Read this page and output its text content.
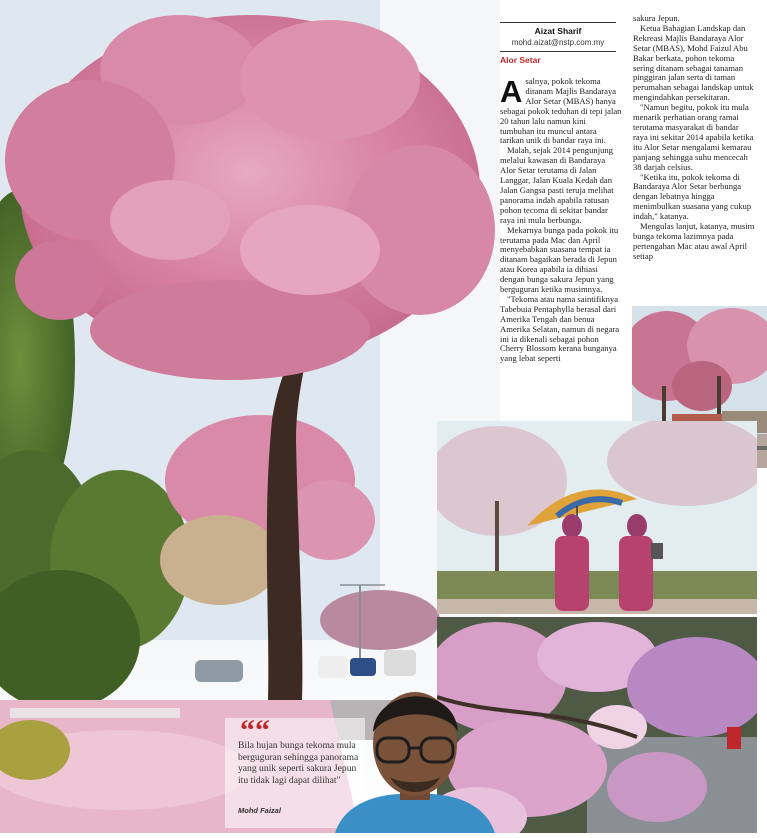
Aizat Sharif
mohd.aizat@nstp.com.my
Alor Setar

Asalnya, pokok tekoma ditanam Majlis Bandaraya Alor Setar (MBAS) hanya sebagai pokok teduhan di tepi jalan 20 tahun lalu namun kini tumbuhan itu muncul antara tarikan unik di bandar raya ini.

Malah, sejak 2014 pengunjung melalui kawasan di Bandaraya Alor Setar terutama di Jalan Langgar, Jalan Kuala Kedah dan Jalan Gangsa pasti teruja melihat panorama indah apabila ratusan pohon tecoma di sekitar bandar raya ini mula berbunga.

Mekarnya bunga pada pokok itu terutama pada Mac dan April menyebabkan suasana tempat ia ditanam bagaikan berada di Jepun atau Korea apabila ia dihiasi dengan bunga sakura Jepun yang berguguran ketika musimnya.

"Tekoma atau nama saintifiknya Tabebuia Pentaphylla berasal dari Amerika Tengah dan benua Amerika Selatan, namun di negara ini ia dikenali sebagai pohon Cherry Blossom kerana bunganya yang lebat seperti

sakura Jepun.

Ketua Bahagian Landskap dan Rekreasi Majlis Bandaraya Alor Setar (MBAS), Mohd Faizul Abu Bakar berkata, pohon tekoma sering ditanam sebagai tanaman pinggiran jalan serta di taman perumahan sebagai landskap untuk mengindahkan persekitaran.

"Namun begitu, pokok itu mula menarik perhatian orang ramai terutama masyarakat di bandar raya ini sekitar 2014 apabila ketika itu Alor Setar mengalami kemarau panjang sehingga suhu mencecah 38 darjah celsius.

"Ketika itu, pokok tekoma di Bandaraya Alor Setar berbunga dengan lebatnya hingga menimbulkan suasana yang cukup indah," katanya.

Mengulas lanjut, katanya, musim bunga tekoma lazimnya pada pertengahan Mac atau awal April setiap

““
Bila hujan bunga tekoma mula berguguran sehingga panorama yang unik seperti sakura Jepun itu tidak lagi dapat dilihat"
Mohd Faizal
